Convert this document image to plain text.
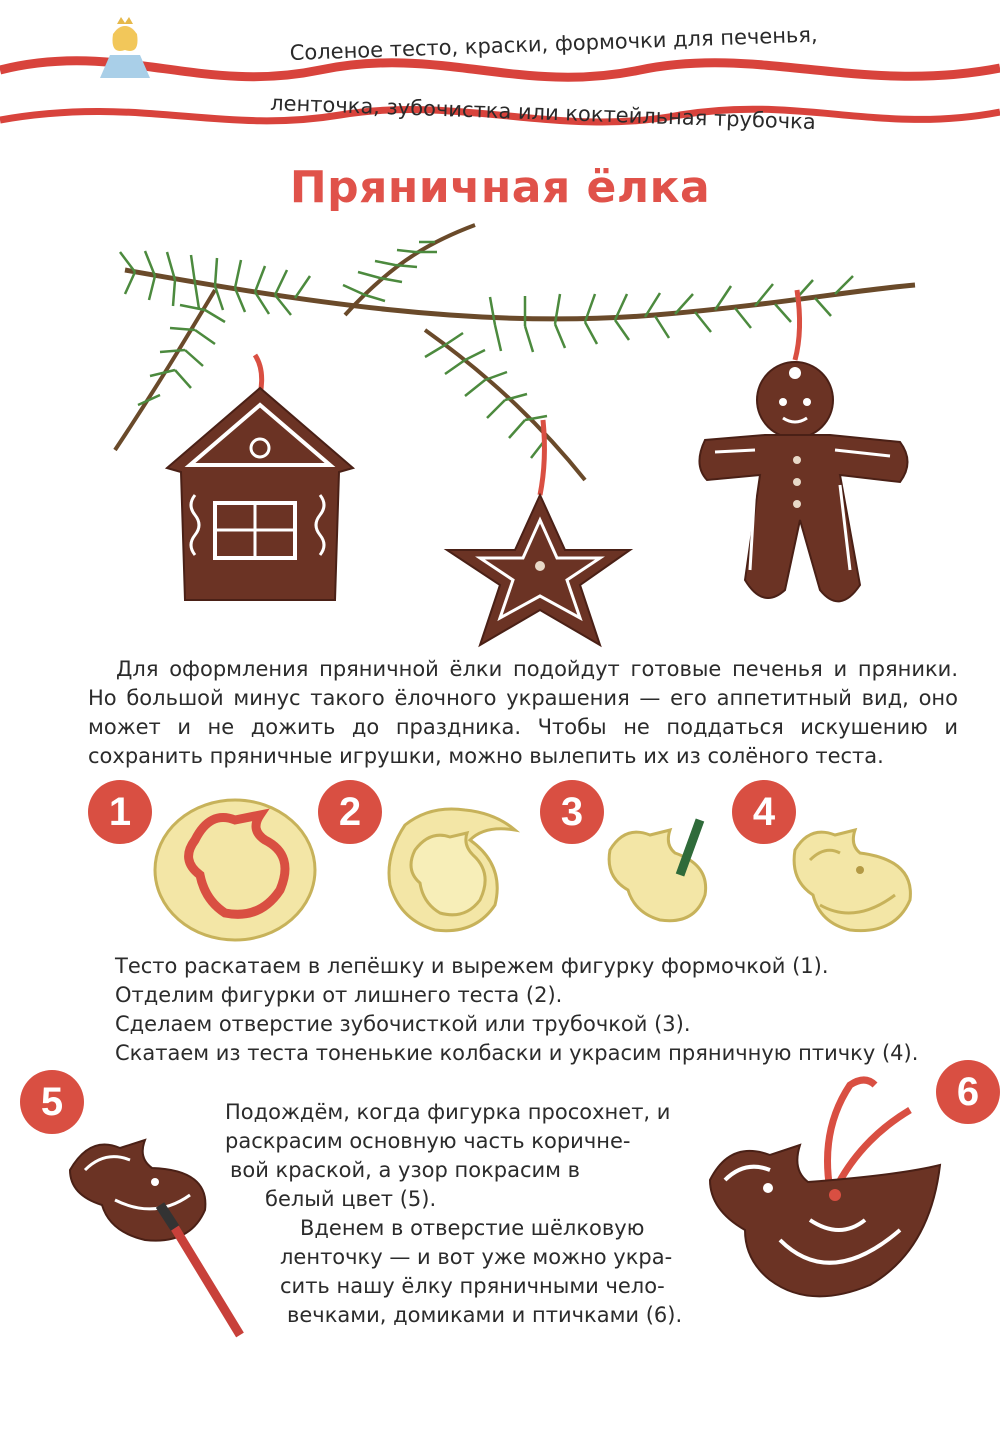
Соленое тесто, краски, формочки для печенья,
ленточка, зубочистка или коктейльная трубочка
Пряничная ёлка

Для оформления пряничной ёлки подойдут готовые печенья и пряники. Но большой минус такого ёлочного украшения — его аппетитный вид, оно может и не дожить до праздника. Чтобы не поддаться искушению и сохранить пряничные игрушки, можно вылепить их из солёного теста.

1	2	3	4
Тесто раскатаем в лепёшку и вырежем фигурку формочкой (1).
Отделим фигурки от лишнего теста (2).
Сделаем отверстие зубочисткой или трубочкой (3).
Скатаем из теста тоненькие колбаски и украсим пряничную птичку (4).
5	Подождём, когда фигурка просохнет, и
раскрасим основную часть коричне-
вой краской, а узор покрасим в
белый цвет (5).
Вденем в отверстие шёлковую
ленточку — и вот уже можно укра-
сить нашу ёлку пряничными чело-
вечками, домиками и птичками (6).
6
